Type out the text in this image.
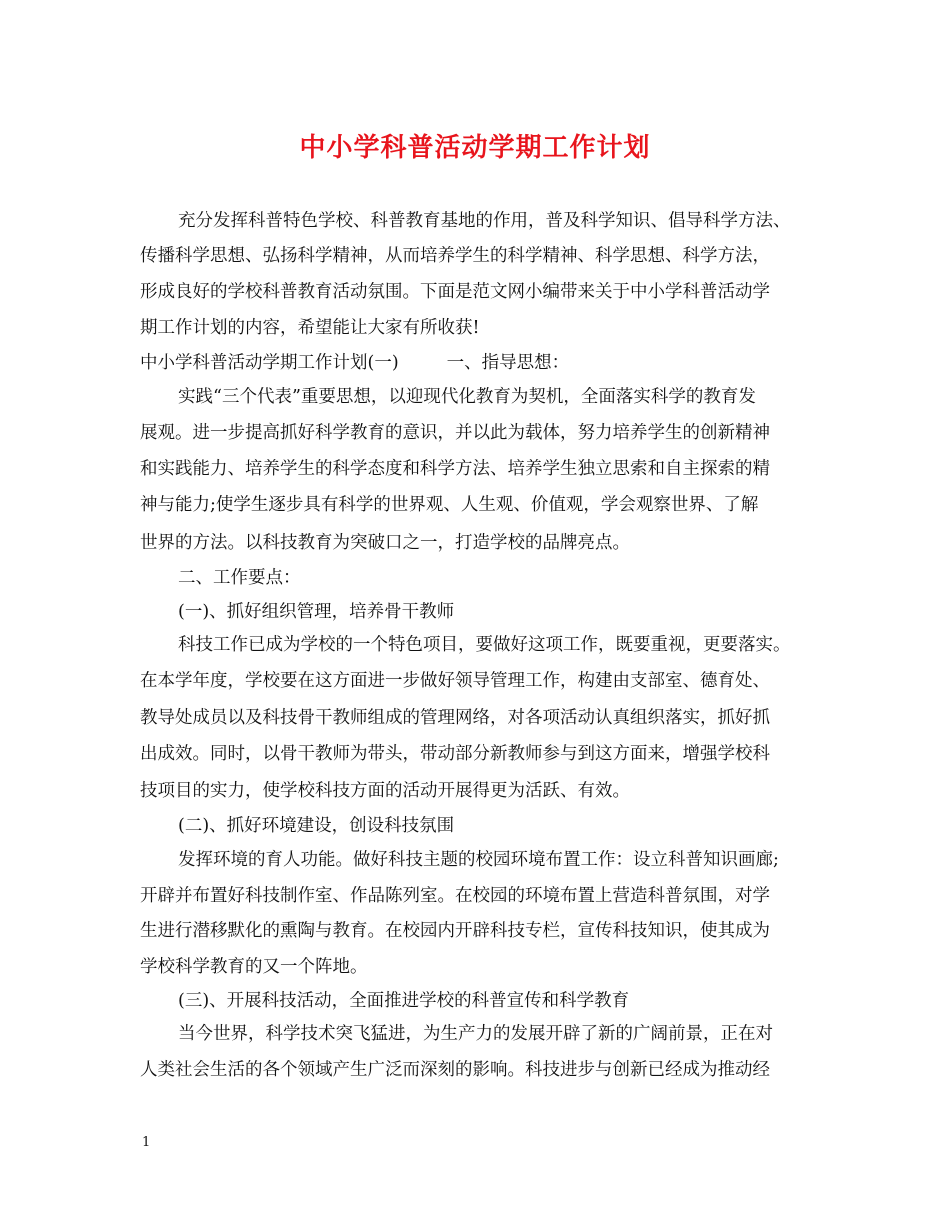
中小学科普活动学期工作计划
充分发挥科普特色学校、科普教育基地的作用，普及科学知识、倡导科学方法、
传播科学思想、弘扬科学精神，从而培养学生的科学精神、科学思想、科学方法，
形成良好的学校科普教育活动氛围。下面是范文网小编带来关于中小学科普活动学
期工作计划的内容，希望能让大家有所收获!
中小学科普活动学期工作计划(一)	一、指导思想：
实践“三个代表”重要思想，以迎现代化教育为契机，全面落实科学的教育发
展观。进一步提高抓好科学教育的意识，并以此为载体，努力培养学生的创新精神
和实践能力、培养学生的科学态度和科学方法、培养学生独立思索和自主探索的精
神与能力;使学生逐步具有科学的世界观、人生观、价值观，学会观察世界、了解
世界的方法。以科技教育为突破口之一，打造学校的品牌亮点。
二、工作要点：
(一)、抓好组织管理，培养骨干教师
科技工作已成为学校的一个特色项目，要做好这项工作，既要重视，更要落实。
在本学年度，学校要在这方面进一步做好领导管理工作，构建由支部室、德育处、
教导处成员以及科技骨干教师组成的管理网络，对各项活动认真组织落实，抓好抓
出成效。同时，以骨干教师为带头，带动部分新教师参与到这方面来，增强学校科
技项目的实力，使学校科技方面的活动开展得更为活跃、有效。
(二)、抓好环境建设，创设科技氛围
发挥环境的育人功能。做好科技主题的校园环境布置工作：设立科普知识画廊;
开辟并布置好科技制作室、作品陈列室。在校园的环境布置上营造科普氛围，对学
生进行潜移默化的熏陶与教育。在校园内开辟科技专栏，宣传科技知识，使其成为
学校科学教育的又一个阵地。
(三)、开展科技活动，全面推进学校的科普宣传和科学教育
当今世界，科学技术突飞猛进，为生产力的发展开辟了新的广阔前景，正在对
人类社会生活的各个领域产生广泛而深刻的影响。科技进步与创新已经成为推动经
1
